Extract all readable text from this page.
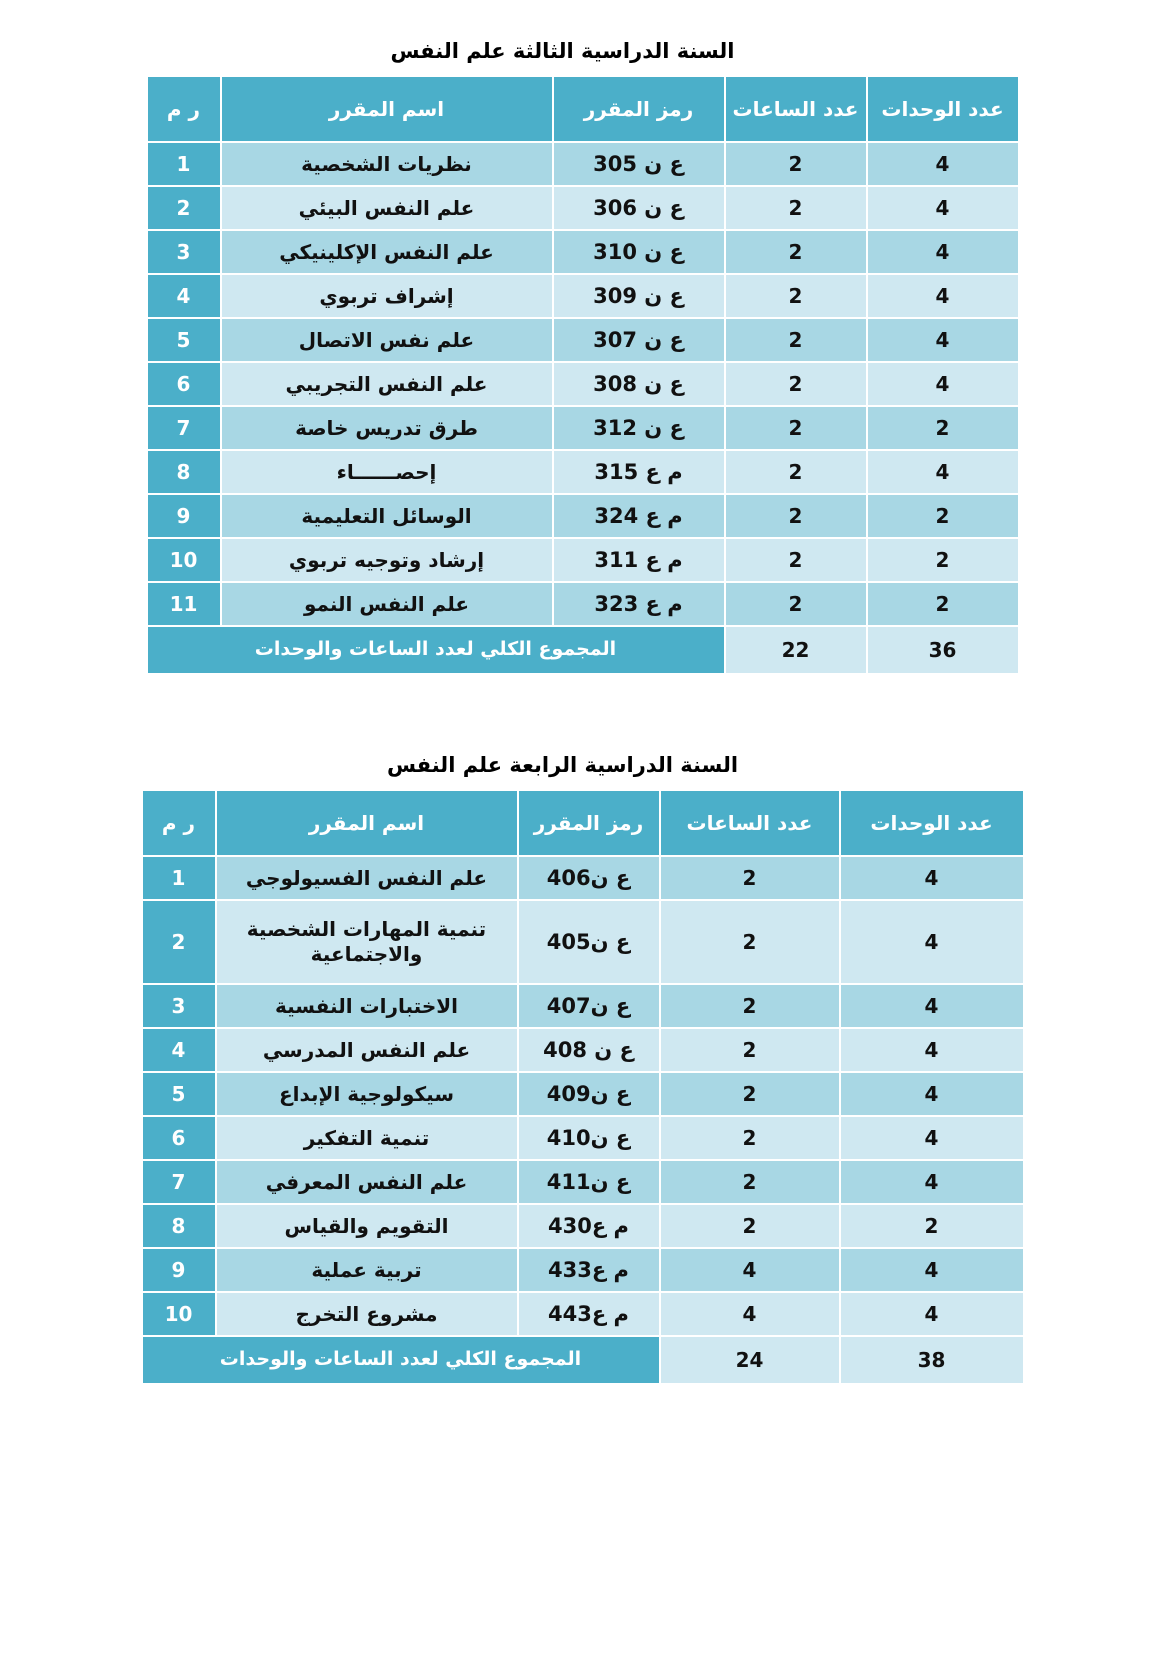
السنة الدراسية الثالثة علم النفس
عدد الوحدات	عدد الساعات	رمز المقرر	اسم المقرر	ر م
4	2	ع ن 305	نظريات الشخصية	1
4	2	ع ن 306	علم النفس البيئي	2
4	2	ع ن 310	علم النفس الإكلينيكي	3
4	2	ع ن 309	إشراف تربوي	4
4	2	ع ن 307	علم نفس الاتصال	5
4	2	ع ن 308	علم النفس التجريبي	6
2	2	ع ن 312	طرق تدريس خاصة	7
4	2	م ع 315	إحصــــــاء	8
2	2	م ع 324	الوسائل التعليمية	9
2	2	م ع 311	إرشاد وتوجيه تربوي	10
2	2	م ع 323	علم النفس النمو	11
36	22	المجموع الكلي لعدد الساعات والوحدات		
السنة الدراسية الرابعة علم النفس
عدد الوحدات	عدد الساعات	رمز المقرر	اسم المقرر	ر م
4	2	ع ن406	علم النفس الفسيولوجي	1
4	2	ع ن405	تنمية المهارات الشخصية والاجتماعية	2
4	2	ع ن407	الاختبارات النفسية	3
4	2	ع ن 408	علم النفس المدرسي	4
4	2	ع ن409	سيكولوجية الإبداع	5
4	2	ع ن410	تنمية التفكير	6
4	2	ع ن411	علم النفس المعرفي	7
2	2	م ع430	التقويم والقياس	8
4	4	م ع433	تربية عملية	9
4	4	م ع443	مشروع التخرج	10
38	24	المجموع الكلي لعدد الساعات والوحدات		
